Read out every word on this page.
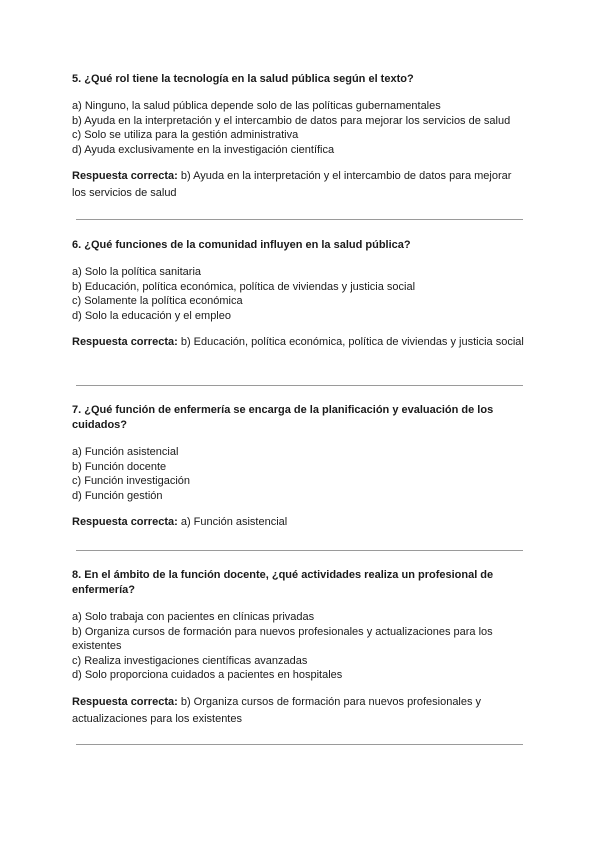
5. ¿Qué rol tiene la tecnología en la salud pública según el texto?

a) Ninguno, la salud pública depende solo de las políticas gubernamentales
b) Ayuda en la interpretación y el intercambio de datos para mejorar los servicios de salud
c) Solo se utiliza para la gestión administrativa
d) Ayuda exclusivamente en la investigación científica
Respuesta correcta: b) Ayuda en la interpretación y el intercambio de datos para mejorar los servicios de salud

6. ¿Qué funciones de la comunidad influyen en la salud pública?

a) Solo la política sanitaria
b) Educación, política económica, política de viviendas y justicia social
c) Solamente la política económica
d) Solo la educación y el empleo
Respuesta correcta: b) Educación, política económica, política de viviendas y justicia social

7. ¿Qué función de enfermería se encarga de la planificación y evaluación de los cuidados?

a) Función asistencial
b) Función docente
c) Función investigación
d) Función gestión
Respuesta correcta: a) Función asistencial

8. En el ámbito de la función docente, ¿qué actividades realiza un profesional de enfermería?

a) Solo trabaja con pacientes en clínicas privadas
b) Organiza cursos de formación para nuevos profesionales y actualizaciones para los existentes
c) Realiza investigaciones científicas avanzadas
d) Solo proporciona cuidados a pacientes en hospitales
Respuesta correcta: b) Organiza cursos de formación para nuevos profesionales y actualizaciones para los existentes
